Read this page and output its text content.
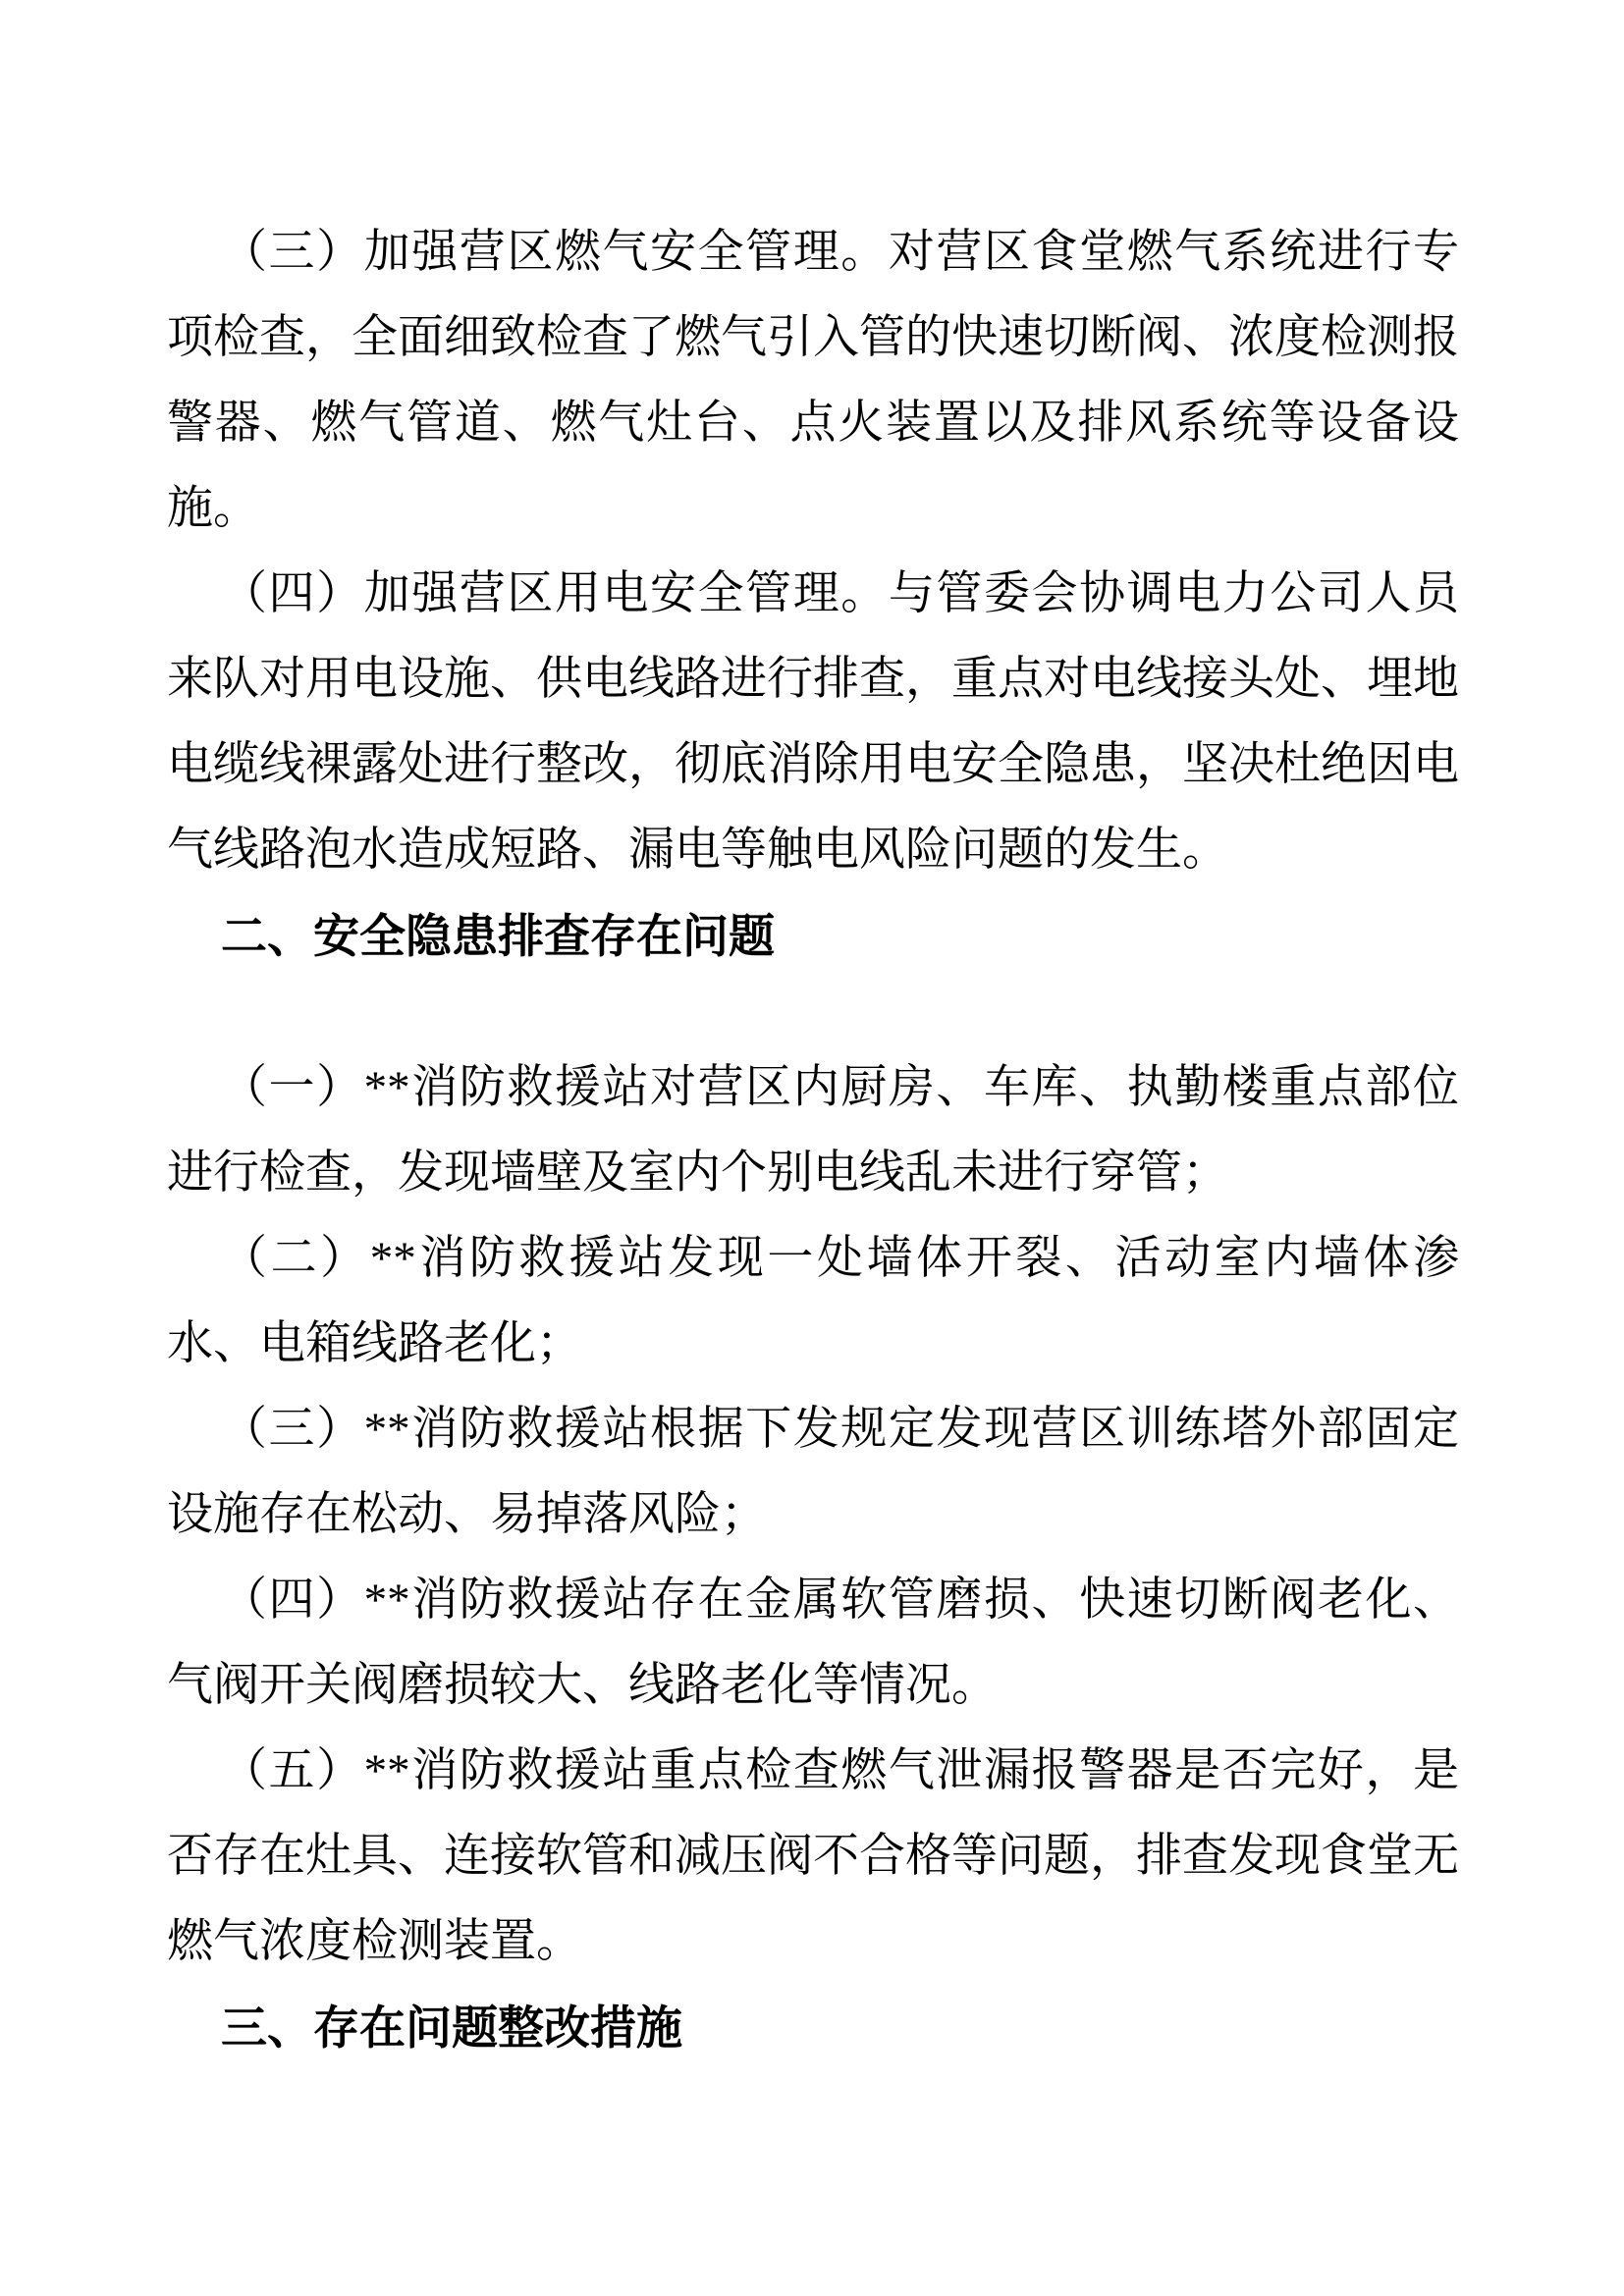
（三）加强营区燃气安全管理。对营区食堂燃气系统进行专项检查，全面细致检查了燃气引入管的快速切断阀、浓度检测报警器、燃气管道、燃气灶台、点火装置以及排风系统等设备设施。

（四）加强营区用电安全管理。与管委会协调电力公司人员来队对用电设施、供电线路进行排查，重点对电线接头处、埋地电缆线裸露处进行整改，彻底消除用电安全隐患，坚决杜绝因电气线路泡水造成短路、漏电等触电风险问题的发生。

二、安全隐患排查存在问题

（一）**消防救援站对营区内厨房、车库、执勤楼重点部位进行检查，发现墙壁及室内个别电线乱未进行穿管；

（二）**消防救援站发现一处墙体开裂、活动室内墙体渗水、电箱线路老化；

（三）**消防救援站根据下发规定发现营区训练塔外部固定设施存在松动、易掉落风险；

（四）**消防救援站存在金属软管磨损、快速切断阀老化、气阀开关阀磨损较大、线路老化等情况。

（五）**消防救援站重点检查燃气泄漏报警器是否完好，是否存在灶具、连接软管和减压阀不合格等问题，排查发现食堂无燃气浓度检测装置。

三、存在问题整改措施
